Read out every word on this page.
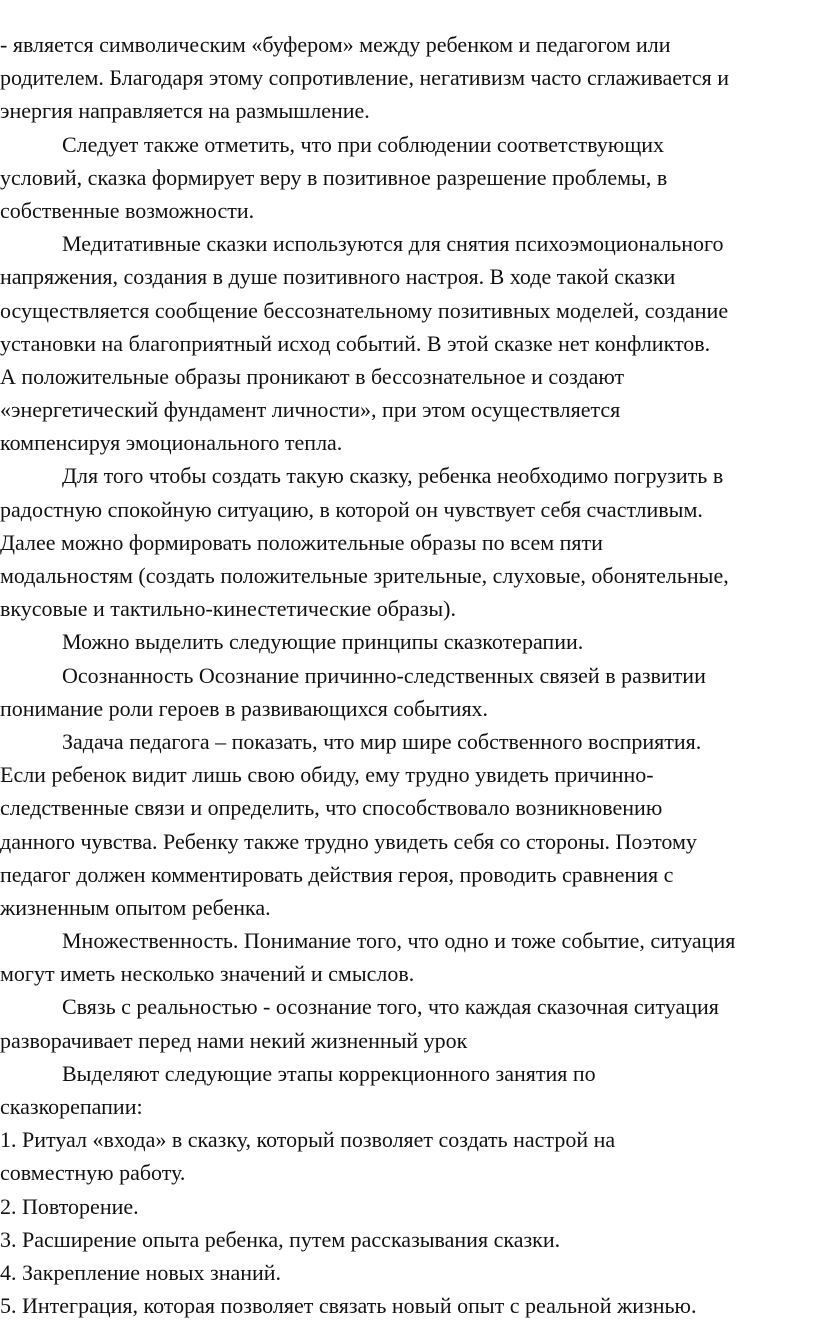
- является символическим «буфером» между ребенком и педагогом или
родителем. Благодаря этому сопротивление, негативизм часто сглаживается и
энергия направляется на размышление.
Следует также отметить, что при соблюдении соответствующих
условий, сказка формирует веру в позитивное разрешение проблемы, в
собственные возможности.
Медитативные сказки используются для снятия психоэмоционального
напряжения, создания в душе позитивного настроя. В ходе такой сказки
осуществляется сообщение бессознательному позитивных моделей, создание
установки на благоприятный исход событий. В этой сказке нет конфликтов.
А положительные образы проникают в бессознательное и создают
«энергетический фундамент личности», при этом осуществляется
компенсируя эмоционального тепла.
Для того чтобы создать такую сказку, ребенка необходимо погрузить в
радостную спокойную ситуацию, в которой он чувствует себя счастливым.
Далее можно формировать положительные образы по всем пяти
модальностям (создать положительные зрительные, слуховые, обонятельные,
вкусовые и тактильно-кинестетические образы).
Можно выделить следующие принципы сказкотерапии.
Осознанность Осознание причинно-следственных связей в развитии
понимание роли героев в развивающихся событиях.
Задача педагога – показать, что мир шире собственного восприятия.
Если ребенок видит лишь свою обиду, ему трудно увидеть причинно-
следственные связи и определить, что способствовало возникновению
данного чувства. Ребенку также трудно увидеть себя со стороны. Поэтому
педагог должен комментировать действия героя, проводить сравнения с
жизненным опытом ребенка.
Множественность. Понимание того, что одно и тоже событие, ситуация
могут иметь несколько значений и смыслов.
Связь с реальностью - осознание того, что каждая сказочная ситуация
разворачивает перед нами некий жизненный урок
Выделяют следующие этапы коррекционного занятия по
сказкорепапии:
1. Ритуал «входа» в сказку, который позволяет создать настрой на
совместную работу.
2. Повторение.
3. Расширение опыта ребенка, путем рассказывания сказки.
4. Закрепление новых знаний.
5. Интеграция, которая позволяет связать новый опыт с реальной жизнью.
